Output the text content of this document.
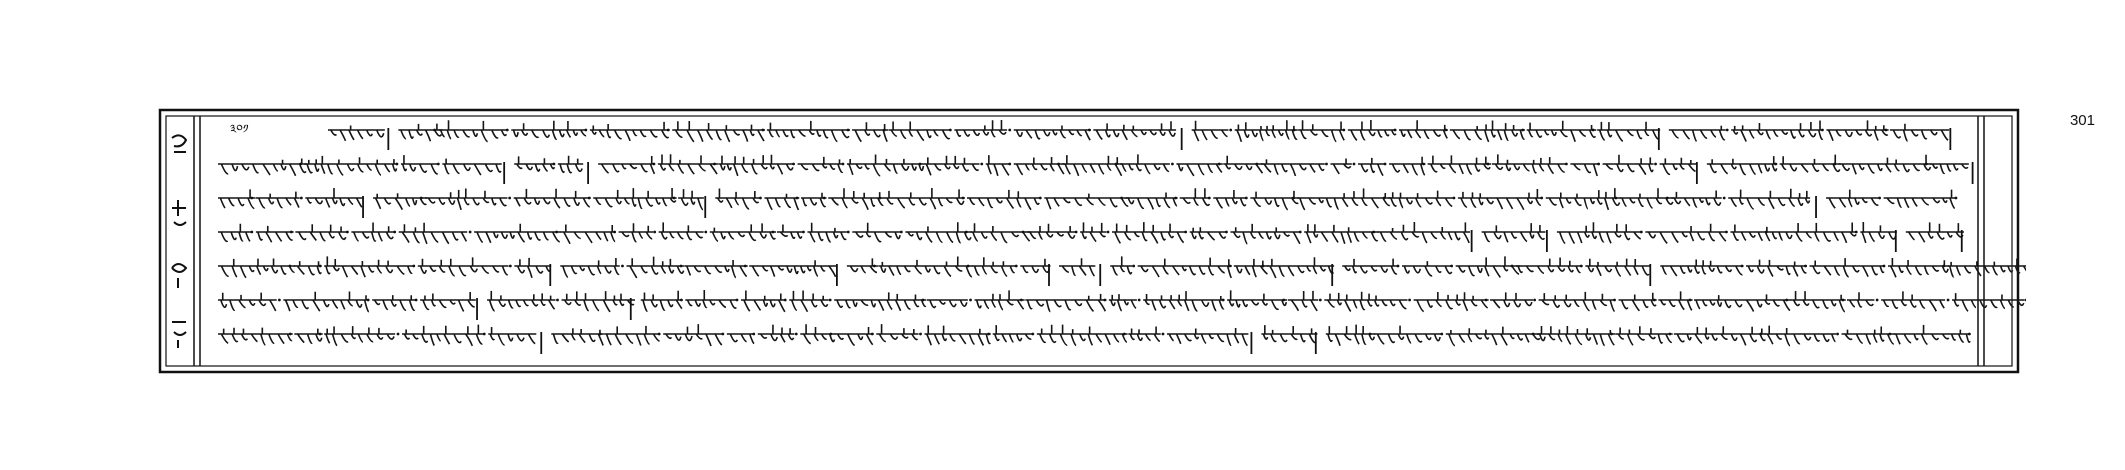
301
༣༠༡
